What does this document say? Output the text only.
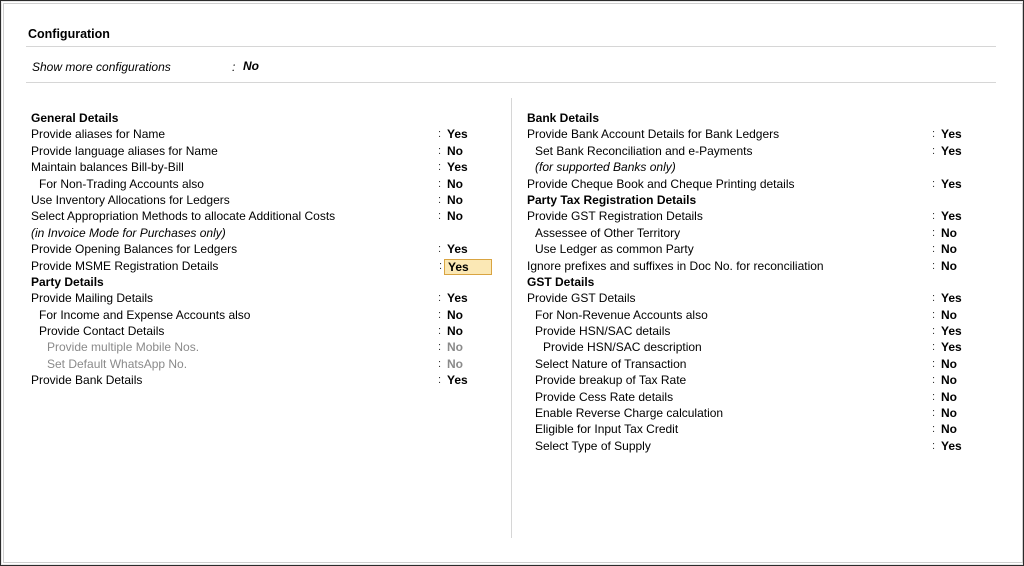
Configuration
Show more configurations	: No
General Details
Provide aliases for Name	: Yes
Provide language aliases for Name	: No
Maintain balances Bill-by-Bill	: Yes
For Non-Trading Accounts also	: No
Use Inventory Allocations for Ledgers	: No
Select Appropriation Methods to allocate Additional Costs	: No
(in Invoice Mode for Purchases only)
Provide Opening Balances for Ledgers	: Yes
Provide MSME Registration Details	: Yes
Party Details
Provide Mailing Details	: Yes
For Income and Expense Accounts also	: No
Provide Contact Details	: No
Provide multiple Mobile Nos.	: No
Set Default WhatsApp No.	: No
Provide Bank Details	: Yes
Bank Details
Provide Bank Account Details for Bank Ledgers	: Yes
Set Bank Reconciliation and e-Payments	: Yes
(for supported Banks only)
Provide Cheque Book and Cheque Printing details	: Yes
Party Tax Registration Details
Provide GST Registration Details	: Yes
Assessee of Other Territory	: No
Use Ledger as common Party	: No
Ignore prefixes and suffixes in Doc No. for reconciliation	: No
GST Details
Provide GST Details	: Yes
For Non-Revenue Accounts also	: No
Provide HSN/SAC details	: Yes
Provide HSN/SAC description	: Yes
Select Nature of Transaction	: No
Provide breakup of Tax Rate	: No
Provide Cess Rate details	: No
Enable Reverse Charge calculation	: No
Eligible for Input Tax Credit	: No
Select Type of Supply	: Yes
